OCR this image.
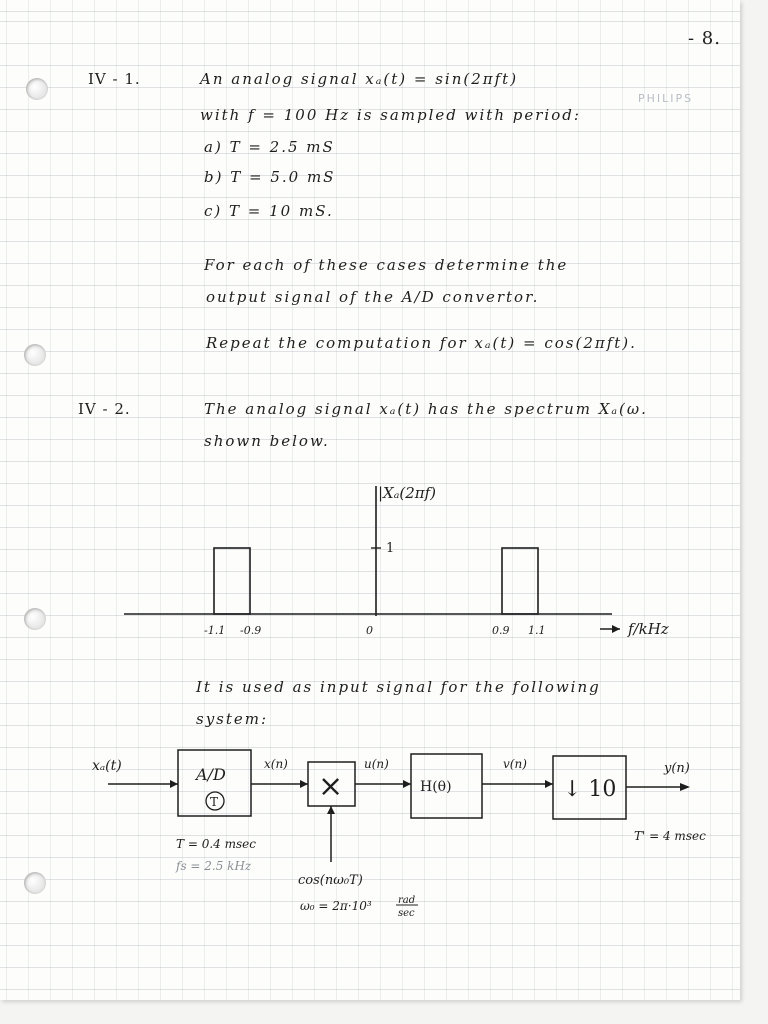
- 8.
PHILIPS
IV - 1.	An analog signal xₐ(t) = sin(2πft)
with f = 100 Hz is sampled with period:
a) T = 2.5 mS
b) T = 5.0 mS
c) T = 10 mS.
For each of these cases determine the
output signal of the A/D convertor.
Repeat the computation for xₐ(t) = cos(2πft).
IV - 2.	The analog signal xₐ(t) has the spectrum Xₐ(ω.
shown below.
-1.1 -0.9	0	0.9 1.1
|Xₐ(2πf)
1
f/kHz
It is used as input signal for the following
system:
xₐ(t)	A/D
T
x(n)
×
cos(nω₀T)
ω₀ = 2π·10³	rad
sec
u(n)
H(θ)
v(n)
↓ 10
y(n)
T = 0.4 msec
fs = 2.5 kHz
T' = 4 msec
